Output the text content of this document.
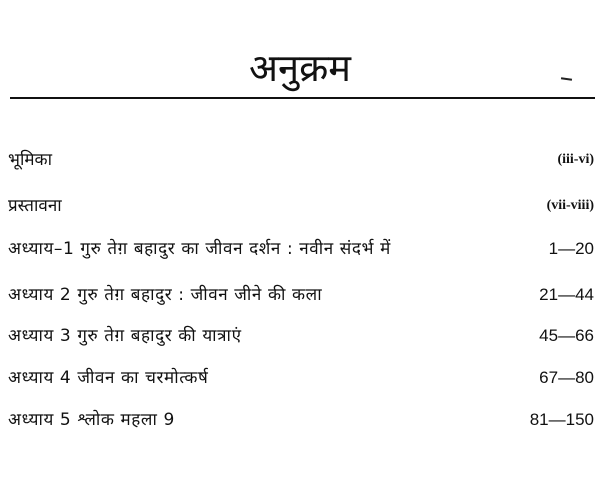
अनुक्रम
भूमिका	(iii-vi)
प्रस्तावना	(vii-viii)
अध्याय–1 गुरु तेग़ बहादुर का जीवन दर्शन : नवीन संदर्भ में	1—20
अध्याय 2 गुरु तेग़ बहादुर : जीवन जीने की कला	21—44
अध्याय 3 गुरु तेग़ बहादुर की यात्राएं	45—66
अध्याय 4 जीवन का चरमोत्कर्ष	67—80
अध्याय 5 श्लोक महला 9	81—150
